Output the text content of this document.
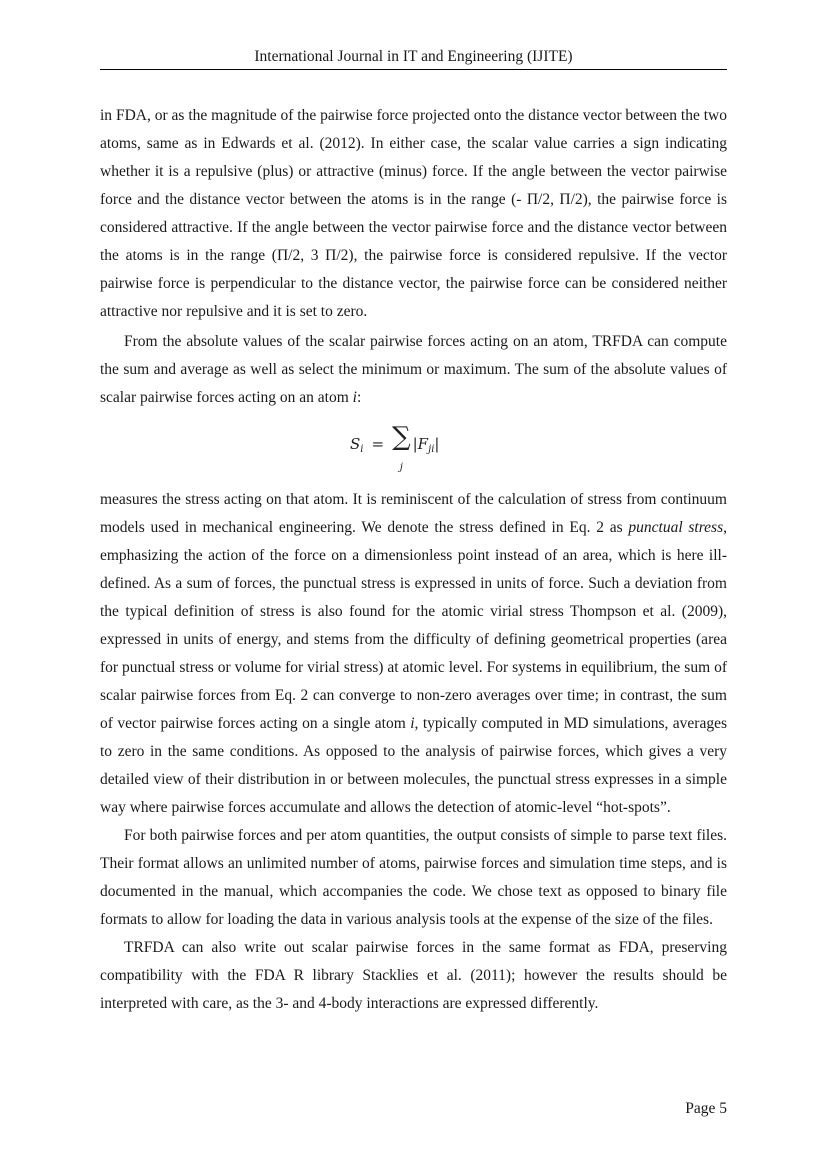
International Journal in IT and Engineering (IJITE)

in FDA, or as the magnitude of the pairwise force projected onto the distance vector between the two atoms, same as in Edwards et al. (2012). In either case, the scalar value carries a sign indicating whether it is a repulsive (plus) or attractive (minus) force. If the angle between the vector pairwise force and the distance vector between the atoms is in the range (- Π/2, Π/2), the pairwise force is considered attractive. If the angle between the vector pairwise force and the distance vector between the atoms is in the range (Π/2, 3 Π/2), the pairwise force is considered repulsive. If the vector pairwise force is perpendicular to the distance vector, the pairwise force can be considered neither attractive nor repulsive and it is set to zero.

From the absolute values of the scalar pairwise forces acting on an atom, TRFDA can compute the sum and average as well as select the minimum or maximum. The sum of the absolute values of scalar pairwise forces acting on an atom i:

$S_i$ = ∑
j
$|F_{ji}|$

measures the stress acting on that atom. It is reminiscent of the calculation of stress from continuum models used in mechanical engineering. We denote the stress defined in Eq. 2 as punctual stress, emphasizing the action of the force on a dimensionless point instead of an area, which is here ill-defined. As a sum of forces, the punctual stress is expressed in units of force. Such a deviation from the typical definition of stress is also found for the atomic virial stress Thompson et al. (2009), expressed in units of energy, and stems from the difficulty of defining geometrical properties (area for punctual stress or volume for virial stress) at atomic level. For systems in equilibrium, the sum of scalar pairwise forces from Eq. 2 can converge to non-zero averages over time; in contrast, the sum of vector pairwise forces acting on a single atom i, typically computed in MD simulations, averages to zero in the same conditions. As opposed to the analysis of pairwise forces, which gives a very detailed view of their distribution in or between molecules, the punctual stress expresses in a simple way where pairwise forces accumulate and allows the detection of atomic-level “hot-spots”.

For both pairwise forces and per atom quantities, the output consists of simple to parse text files. Their format allows an unlimited number of atoms, pairwise forces and simulation time steps, and is documented in the manual, which accompanies the code. We chose text as opposed to binary file formats to allow for loading the data in various analysis tools at the expense of the size of the files.

TRFDA can also write out scalar pairwise forces in the same format as FDA, preserving compatibility with the FDA R library Stacklies et al. (2011); however the results should be interpreted with care, as the 3- and 4-body interactions are expressed differently.

Page 5
